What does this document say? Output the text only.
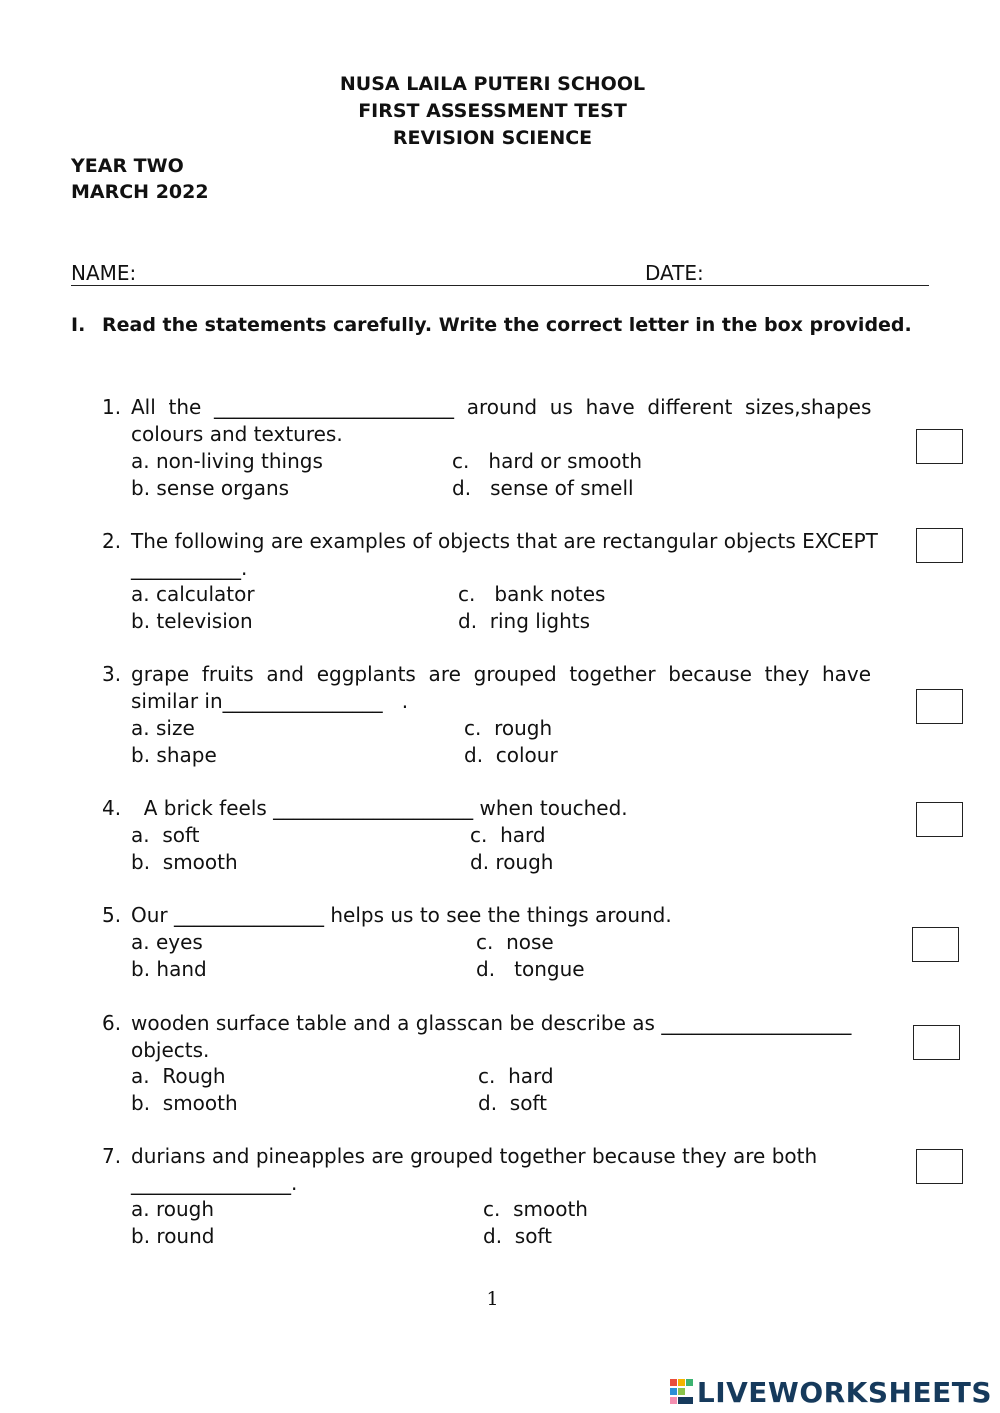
NUSA LAILA PUTERI SCHOOL
FIRST ASSESSMENT TEST
REVISION SCIENCE
YEAR TWO
MARCH 2022
NAME:	DATE:
I. Read the statements carefully. Write the correct letter in the box provided.
1. All  the  ________________________  around  us  have  different  sizes,shapes
colours and textures.
a. non-living things
b. sense organs
c.   hard or smooth
d.   sense of smell
2. The following are examples of objects that are rectangular objects EXCEPT
___________.
a. calculator
b. television
c.   bank notes
d.  ring lights
3. grape  fruits  and  eggplants  are  grouped  together  because  they  have
similar in________________   .
a. size
b. shape
c.  rough
d.  colour
4. A brick feels ____________________ when touched.
a.  soft
b.  smooth
c.  hard
d. rough
5. Our _______________ helps us to see the things around.
a. eyes
b. hand
c.  nose
d.   tongue
6. wooden surface table and a glasscan be describe as ___________________
objects.
a.  Rough
b.  smooth
c.  hard
d.  soft
7. durians and pineapples are grouped together because they are both
________________.
a. rough
b. round
c.  smooth
d.  soft
1
LIVEWORKSHEETS
